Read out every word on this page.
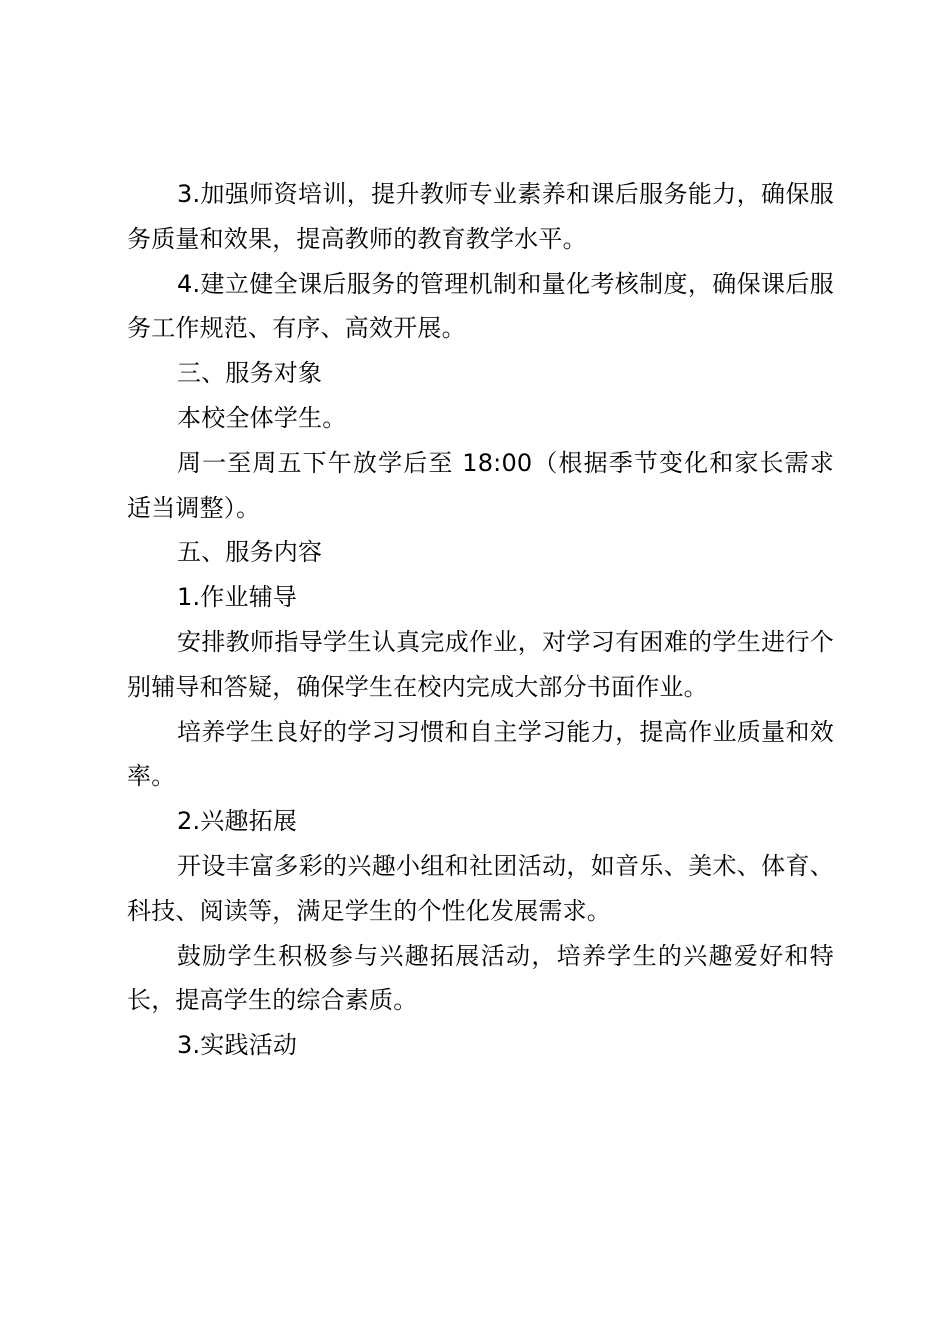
3.加强师资培训，提升教师专业素养和课后服务能力，确保服务质量和效果，提高教师的教育教学水平。

4.建立健全课后服务的管理机制和量化考核制度，确保课后服务工作规范、有序、高效开展。

三、服务对象

本校全体学生。

周一至周五下午放学后至 18:00（根据季节变化和家长需求适当调整）。

五、服务内容

1.作业辅导

安排教师指导学生认真完成作业，对学习有困难的学生进行个别辅导和答疑，确保学生在校内完成大部分书面作业。

培养学生良好的学习习惯和自主学习能力，提高作业质量和效率。

2.兴趣拓展

开设丰富多彩的兴趣小组和社团活动，如音乐、美术、体育、科技、阅读等，满足学生的个性化发展需求。

鼓励学生积极参与兴趣拓展活动，培养学生的兴趣爱好和特长，提高学生的综合素质。

3.实践活动
